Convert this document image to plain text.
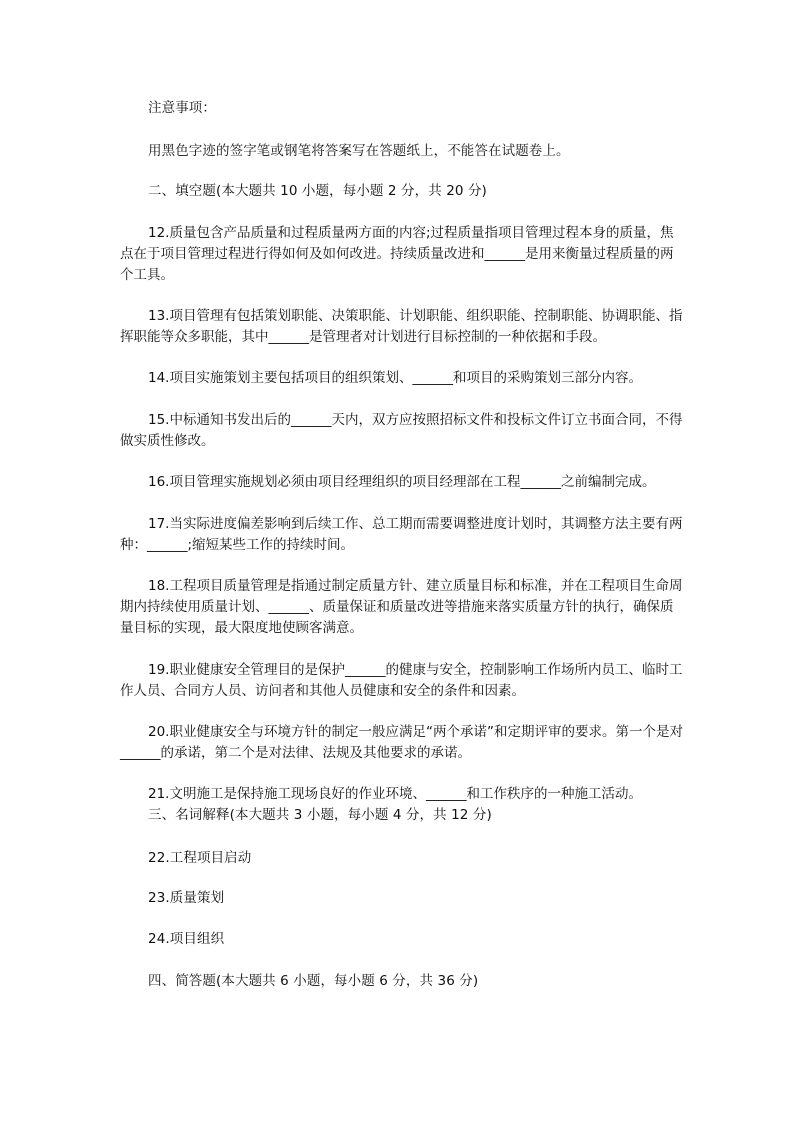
注意事项：
用黑色字迹的签字笔或钢笔将答案写在答题纸上，不能答在试题卷上。
二、填空题(本大题共 10 小题，每小题 2 分，共 20 分)

12.质量包含产品质量和过程质量两方面的内容;过程质量指项目管理过程本身的质量，焦点在于项目管理过程进行得如何及如何改进。持续质量改进和______是用来衡量过程质量的两个工具。

13.项目管理有包括策划职能、决策职能、计划职能、组织职能、控制职能、协调职能、指挥职能等众多职能，其中______是管理者对计划进行目标控制的一种依据和手段。

14.项目实施策划主要包括项目的组织策划、______和项目的采购策划三部分内容。

15.中标通知书发出后的______天内，双方应按照招标文件和投标文件订立书面合同，不得做实质性修改。

16.项目管理实施规划必须由项目经理组织的项目经理部在工程______之前编制完成。

17.当实际进度偏差影响到后续工作、总工期而需要调整进度计划时，其调整方法主要有两种：______;缩短某些工作的持续时间。

18.工程项目质量管理是指通过制定质量方针、建立质量目标和标准，并在工程项目生命周期内持续使用质量计划、______、质量保证和质量改进等措施来落实质量方针的执行，确保质量目标的实现，最大限度地使顾客满意。

19.职业健康安全管理目的是保护______的健康与安全，控制影响工作场所内员工、临时工作人员、合同方人员、访问者和其他人员健康和安全的条件和因素。

20.职业健康安全与环境方针的制定一般应满足“两个承诺”和定期评审的要求。第一个是对______的承诺，第二个是对法律、法规及其他要求的承诺。

21.文明施工是保持施工现场良好的作业环境、______和工作秩序的一种施工活动。

三、名词解释(本大题共 3 小题，每小题 4 分，共 12 分)
22.工程项目启动
23.质量策划
24.项目组织
四、简答题(本大题共 6 小题，每小题 6 分，共 36 分)
